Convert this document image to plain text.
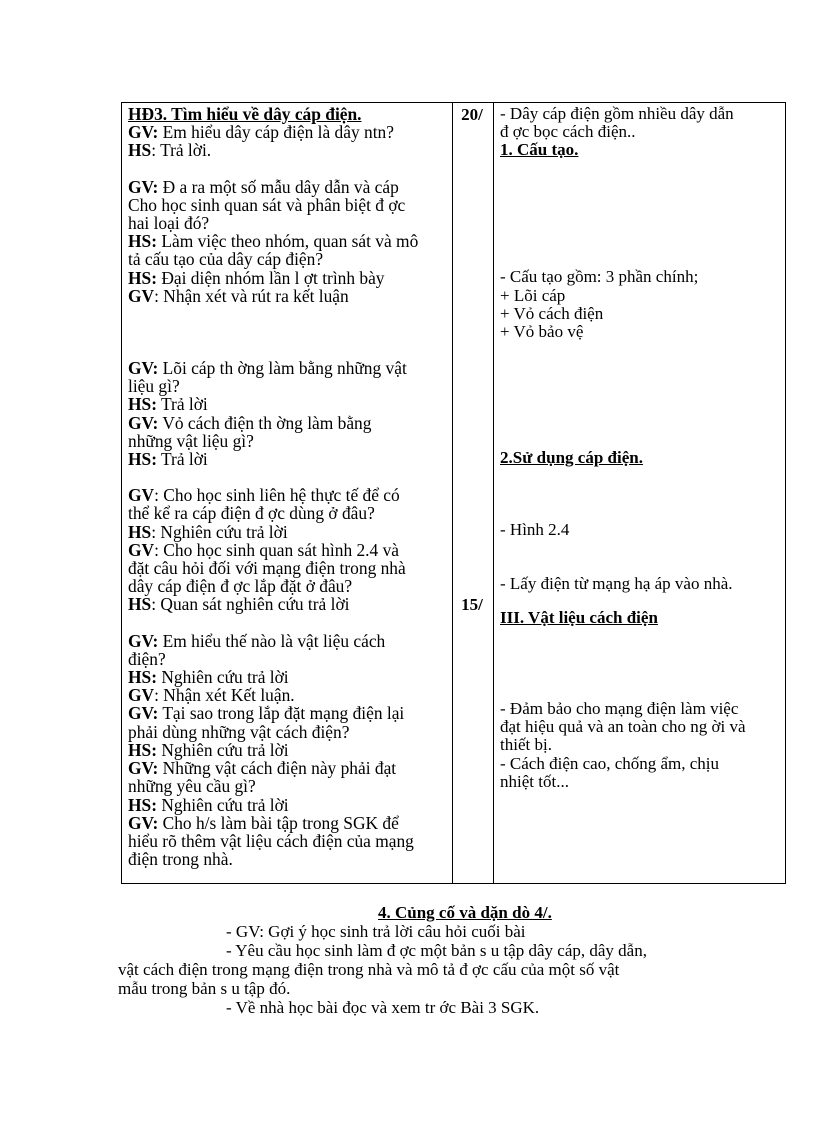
HĐ3. Tìm hiểu về dây cáp điện.
GV: Em hiểu dây cáp điện là dây ntn?
HS: Trả lời.
GV: Đ a ra một số mẫu dây dẫn và cáp
Cho học sinh quan sát và phân biệt đ ợc
hai loại đó?
HS: Làm việc theo nhóm, quan sát và mô
tả cấu tạo của dây cáp điện?
HS: Đại diện nhóm lần l ợt trình bày
GV: Nhận xét và rút ra kết luận
GV: Lõi cáp th ờng làm bằng những vật
liệu gì?
HS: Trả lời
GV: Vỏ cách điện th ờng làm bằng
những vật liệu gì?
HS: Trả lời
GV: Cho học sinh liên hệ thực tế để có
thể kể ra cáp điện đ ợc dùng ở đâu?
HS: Nghiên cứu trả lời
GV: Cho học sinh quan sát hình 2.4 và
đặt câu hỏi đối với mạng điện trong nhà
dây cáp điện đ ợc lắp đặt ở đâu?
HS: Quan sát nghiên cứu trả lời
GV: Em hiểu thế nào là vật liệu cách
điện?
HS: Nghiên cứu trả lời
GV: Nhận xét Kết luận.
GV: Tại sao trong lắp đặt mạng điện lại
phải dùng những vật cách điện?
HS: Nghiên cứu trả lời
GV: Những vật cách điện này phải đạt
những yêu cầu gì?
HS: Nghiên cứu trả lời
GV: Cho h/s làm bài tập trong SGK để
hiểu rõ thêm vật liệu cách điện của mạng
điện trong nhà.
20/
15/
- Dây cáp điện gồm nhiều dây dẫn
đ ợc bọc cách điện..
1. Cấu tạo.
- Cấu tạo gồm: 3 phần chính;
+ Lõi cáp
+ Vỏ cách điện
+ Vỏ bảo vệ
2.Sử dụng cáp điện.
- Hình 2.4
- Lấy điện từ mạng hạ áp vào nhà.
III. Vật liệu cách điện
- Đảm bảo cho mạng điện làm việc
đạt hiệu quả và an toàn cho ng ời và
thiết bị.
- Cách điện cao, chống ẩm, chịu
nhiệt tốt...
4. Củng cố và dặn dò 4/.
- GV: Gợi ý học sinh trả lời câu hỏi cuối bài
- Yêu cầu học sinh làm đ ợc một bản s u tập dây cáp, dây dẫn,
vật cách điện trong mạng điện trong nhà và mô tả đ ợc cấu của một số vật
mẫu trong bản s u tập đó.
- Về nhà học bài đọc và xem tr ớc Bài 3 SGK.
